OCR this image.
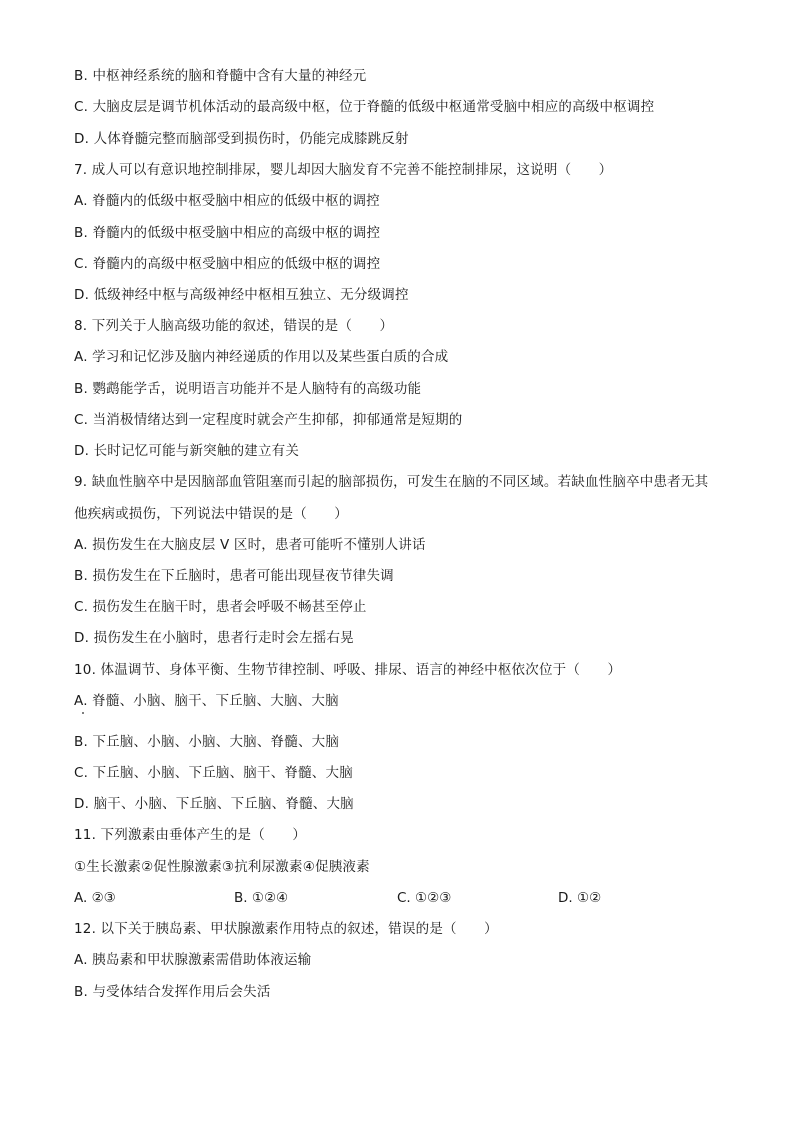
B. 中枢神经系统的脑和脊髓中含有大量的神经元
C. 大脑皮层是调节机体活动的最高级中枢，位于脊髓的低级中枢通常受脑中相应的高级中枢调控
D. 人体脊髓完整而脑部受到损伤时，仍能完成膝跳反射
7. 成人可以有意识地控制排尿，婴儿却因大脑发育不完善不能控制排尿，这说明（　　）
A. 脊髓内的低级中枢受脑中相应的低级中枢的调控
B. 脊髓内的低级中枢受脑中相应的高级中枢的调控
C. 脊髓内的高级中枢受脑中相应的低级中枢的调控
D. 低级神经中枢与高级神经中枢相互独立、无分级调控
8. 下列关于人脑高级功能的叙述，错误的是（　　）
A. 学习和记忆涉及脑内神经递质的作用以及某些蛋白质的合成
B. 鹦鹉能学舌，说明语言功能并不是人脑特有的高级功能
C. 当消极情绪达到一定程度时就会产生抑郁，抑郁通常是短期的
D. 长时记忆可能与新突触的建立有关
9. 缺血性脑卒中是因脑部血管阻塞而引起的脑部损伤，可发生在脑的不同区域。若缺血性脑卒中患者无其
他疾病或损伤，下列说法中错误的是（　　）
A. 损伤发生在大脑皮层 V 区时，患者可能听不懂别人讲话
B. 损伤发生在下丘脑时，患者可能出现昼夜节律失调
C. 损伤发生在脑干时，患者会呼吸不畅甚至停止
D. 损伤发生在小脑时，患者行走时会左摇右晃
10. 体温调节、身体平衡、生物节律控制、呼吸、排尿、语言的神经中枢依次位于（　　）
A. 脊髓、小脑、脑干、下丘脑、大脑、大脑
B. 下丘脑、小脑、小脑、大脑、脊髓、大脑
C. 下丘脑、小脑、下丘脑、脑干、脊髓、大脑
D. 脑干、小脑、下丘脑、下丘脑、脊髓、大脑
11. 下列激素由垂体产生的是（　　）
①生长激素②促性腺激素③抗利尿激素④促胰液素
A. ②③	B. ①②④	C. ①②③	D. ①②
12. 以下关于胰岛素、甲状腺激素作用特点的叙述，错误的是（　　）
A. 胰岛素和甲状腺激素需借助体液运输
B. 与受体结合发挥作用后会失活
